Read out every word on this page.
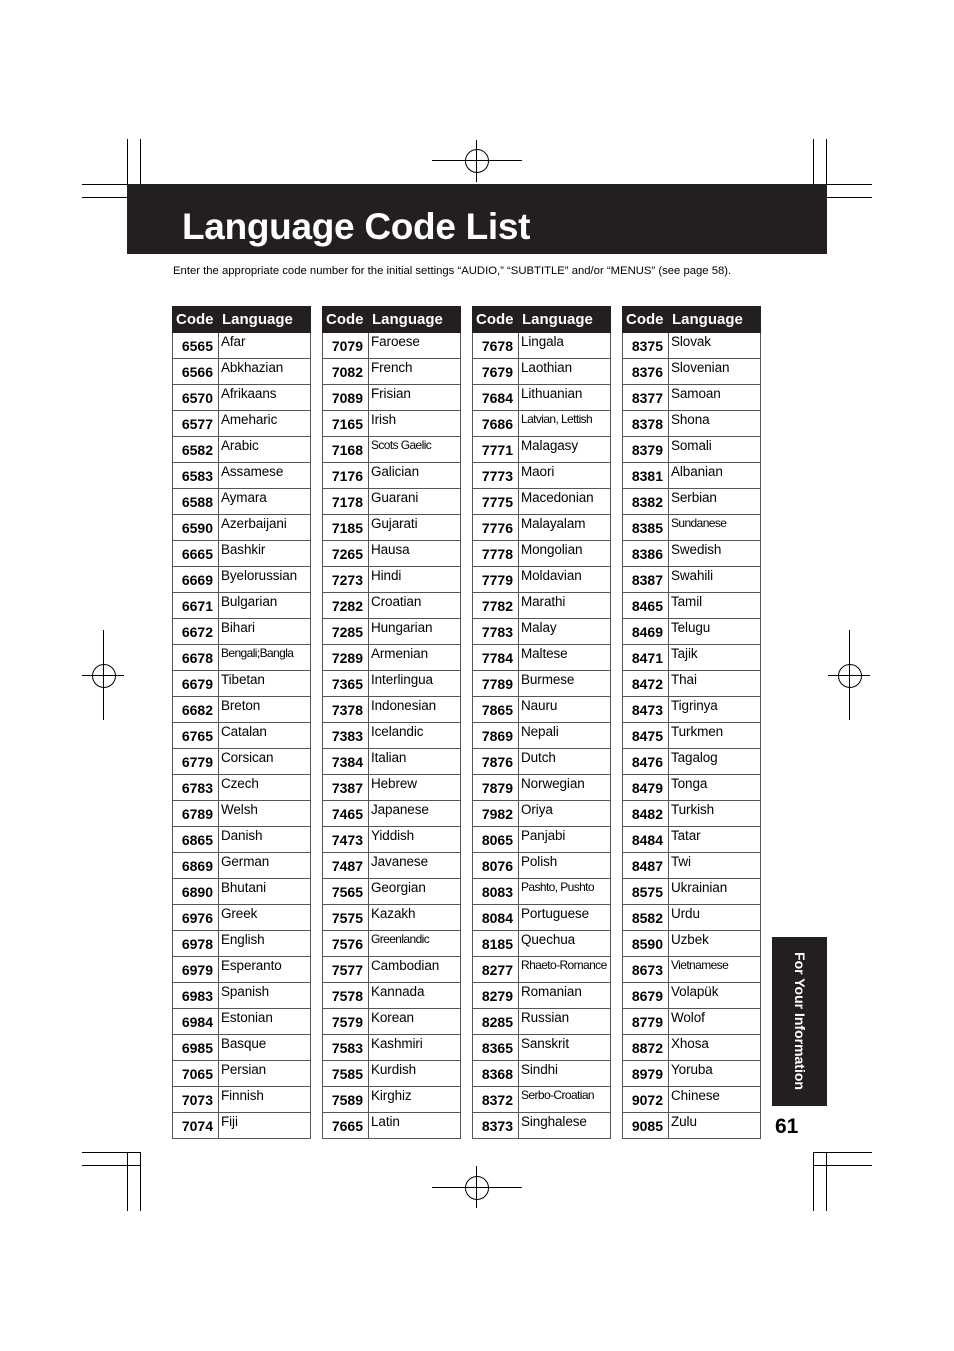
Language Code List
Enter the appropriate code number for the initial settings “AUDIO,” “SUBTITLE” and/or “MENUS” (see page 58).
Code	Language
6565	Afar
6566	Abkhazian
6570	Afrikaans
6577	Ameharic
6582	Arabic
6583	Assamese
6588	Aymara
6590	Azerbaijani
6665	Bashkir
6669	Byelorussian
6671	Bulgarian
6672	Bihari
6678	Bengali;Bangla
6679	Tibetan
6682	Breton
6765	Catalan
6779	Corsican
6783	Czech
6789	Welsh
6865	Danish
6869	German
6890	Bhutani
6976	Greek
6978	English
6979	Esperanto
6983	Spanish
6984	Estonian
6985	Basque
7065	Persian
7073	Finnish
7074	Fiji
Code	Language
7079	Faroese
7082	French
7089	Frisian
7165	Irish
7168	Scots Gaelic
7176	Galician
7178	Guarani
7185	Gujarati
7265	Hausa
7273	Hindi
7282	Croatian
7285	Hungarian
7289	Armenian
7365	Interlingua
7378	Indonesian
7383	Icelandic
7384	Italian
7387	Hebrew
7465	Japanese
7473	Yiddish
7487	Javanese
7565	Georgian
7575	Kazakh
7576	Greenlandic
7577	Cambodian
7578	Kannada
7579	Korean
7583	Kashmiri
7585	Kurdish
7589	Kirghiz
7665	Latin
Code	Language
7678	Lingala
7679	Laothian
7684	Lithuanian
7686	Latvian, Lettish
7771	Malagasy
7773	Maori
7775	Macedonian
7776	Malayalam
7778	Mongolian
7779	Moldavian
7782	Marathi
7783	Malay
7784	Maltese
7789	Burmese
7865	Nauru
7869	Nepali
7876	Dutch
7879	Norwegian
7982	Oriya
8065	Panjabi
8076	Polish
8083	Pashto, Pushto
8084	Portuguese
8185	Quechua
8277	Rhaeto-Romance
8279	Romanian
8285	Russian
8365	Sanskrit
8368	Sindhi
8372	Serbo-Croatian
8373	Singhalese
Code	Language
8375	Slovak
8376	Slovenian
8377	Samoan
8378	Shona
8379	Somali
8381	Albanian
8382	Serbian
8385	Sundanese
8386	Swedish
8387	Swahili
8465	Tamil
8469	Telugu
8471	Tajik
8472	Thai
8473	Tigrinya
8475	Turkmen
8476	Tagalog
8479	Tonga
8482	Turkish
8484	Tatar
8487	Twi
8575	Ukrainian
8582	Urdu
8590	Uzbek
8673	Vietnamese
8679	Volapük
8779	Wolof
8872	Xhosa
8979	Yoruba
9072	Chinese
9085	Zulu
For Your Information
61
